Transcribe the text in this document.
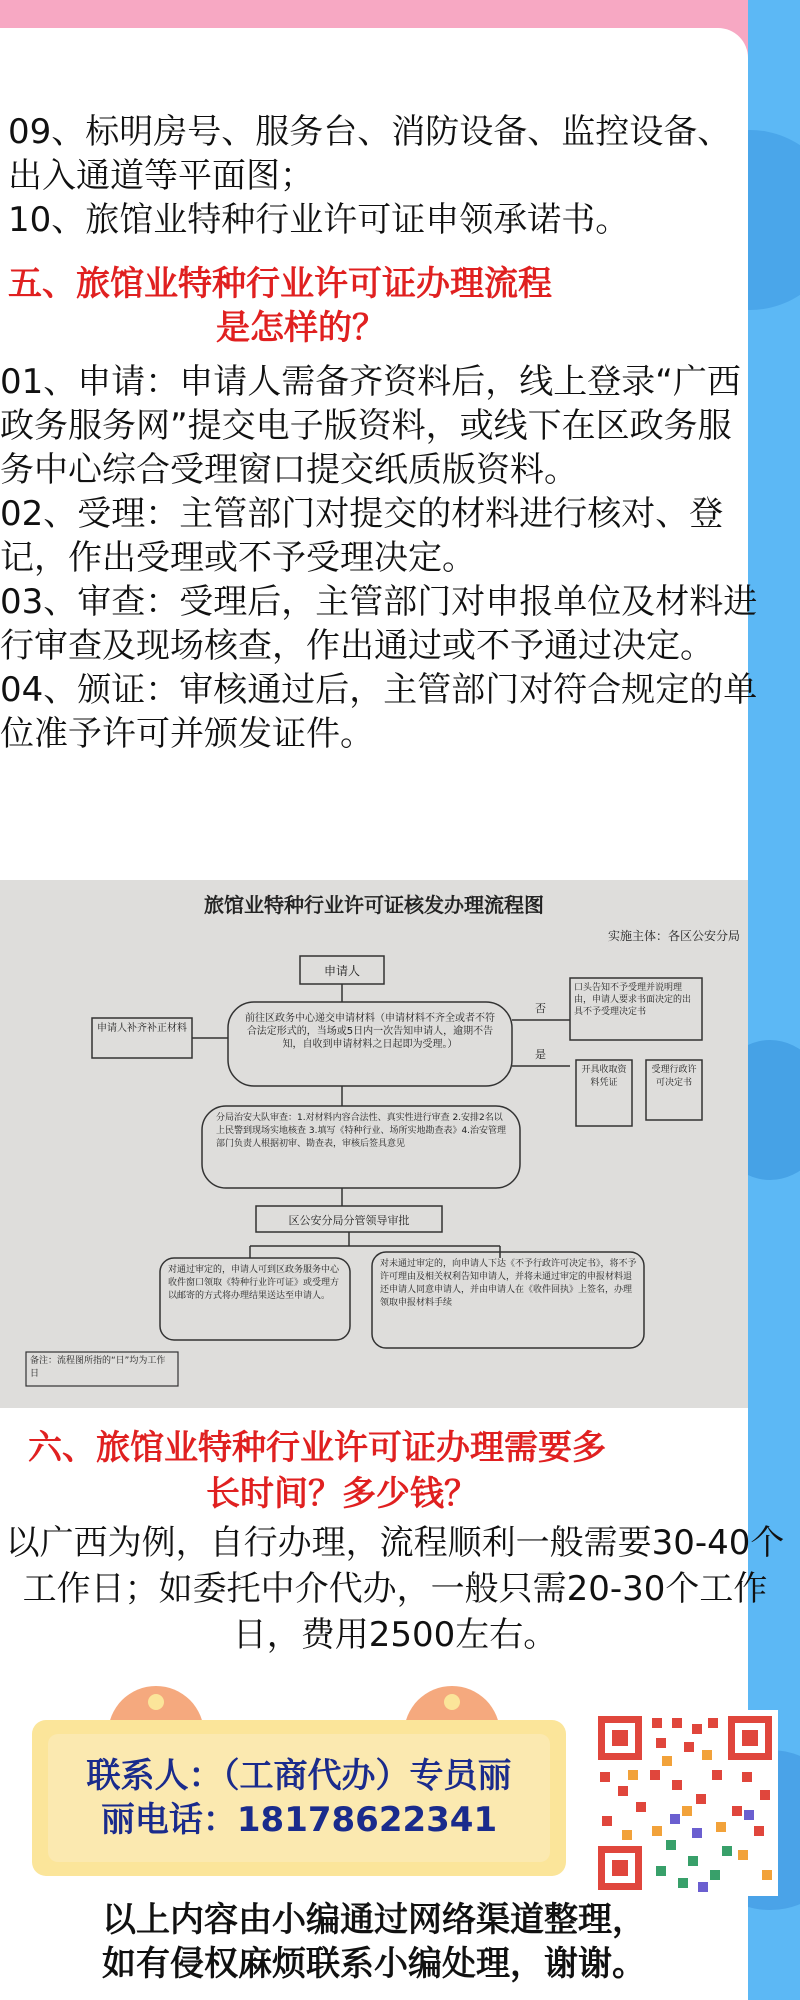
09、标明房号、服务台、消防设备、监控设备、出入通道等平面图；

10、旅馆业特种行业许可证申领承诺书。

五、旅馆业特种行业许可证办理流程
是怎样的？

01、申请：申请人需备齐资料后，线上登录“广西政务服务网”提交电子版资料，或线下在区政务服务中心综合受理窗口提交纸质版资料。

02、受理：主管部门对提交的材料进行核对、登记，作出受理或不予受理决定。

03、审查：受理后，主管部门对申报单位及材料进行审查及现场核查，作出通过或不予通过决定。

04、颁证：审核通过后，主管部门对符合规定的单位准予许可并颁发证件。

旅馆业特种行业许可证核发办理流程图
实施主体：各区公安分局
申请人
前往区政务中心递交申请材料（申请材料不齐全或者不符合法定形式的，当场或5日内一次告知申请人，逾期不告知，自收到申请材料之日起即为受理。）
申请人补齐补正材料
否
口头告知不予受理并说明理由，申请人要求书面决定的出具不予受理决定书
是
开具收取资料凭证
受理行政许可决定书
分局治安大队审查：1.对材料内容合法性、真实性进行审查 2.安排2名以上民警到现场实地核查 3.填写《特种行业、场所实地勘查表》4.治安管理部门负责人根据初审、勘查表，审核后签具意见
区公安分局分管领导审批
对通过审定的，申请人可到区政务服务中心收件窗口领取《特种行业许可证》或受理方以邮寄的方式将办理结果送达至申请人。
对未通过审定的，向申请人下达《不予行政许可决定书》，将不予许可理由及相关权利告知申请人，并将未通过审定的申报材料退还申请人同意申请人，并由申请人在《收件回执》上签名，办理领取申报材料手续
备注：流程图所指的“日”均为工作日
六、旅馆业特种行业许可证办理需要多
长时间？多少钱？
以广西为例，自行办理，流程顺利一般需要30-40个工作日；如委托中介代办，一般只需20-30个工作日，费用2500左右。
联系人：（工商代办）专员丽
丽电话：18178622341
以上内容由小编通过网络渠道整理，
如有侵权麻烦联系小编处理，谢谢。
